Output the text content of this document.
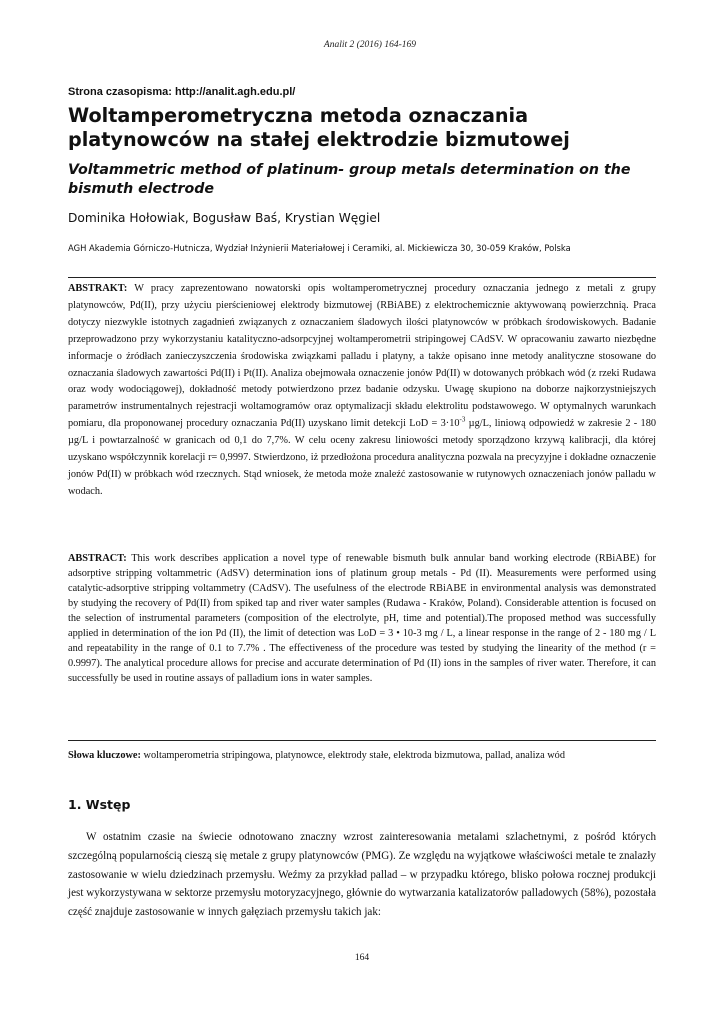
Analit 2 (2016) 164-169
Strona czasopisma: http://analit.agh.edu.pl/
Woltamperometryczna metoda oznaczania platynowców na stałej elektrodzie bizmutowej
Voltammetric method of platinum- group metals determination on the bismuth electrode
Dominika Hołowiak, Bogusław Baś, Krystian Węgiel
AGH Akademia Górniczo-Hutnicza, Wydział Inżynierii Materiałowej i Ceramiki, al. Mickiewicza 30, 30-059 Kraków, Polska
ABSTRAKT: W pracy zaprezentowano nowatorski opis woltamperometrycznej procedury oznaczania jednego z metali z grupy platynowców, Pd(II), przy użyciu pierścieniowej elektrody bizmutowej (RBiABE) z elektrochemicznie aktywowaną powierzchnią. Praca dotyczy niezwykle istotnych zagadnień związanych z oznaczaniem śladowych ilości platynowców w próbkach środowiskowych. Badanie przeprowadzono przy wykorzystaniu katalityczno-adsorpcyjnej woltamperometrii stripingowej CAdSV. W opracowaniu zawarto niezbędne informacje o źródłach zanieczyszczenia środowiska związkami palladu i platyny, a także opisano inne metody analityczne stosowane do oznaczania śladowych zawartości Pd(II) i Pt(II). Analiza obejmowała oznaczenie jonów Pd(II) w dotowanych próbkach wód (z rzeki Rudawa oraz wody wodociągowej), dokładność metody potwierdzono przez badanie odzysku. Uwagę skupiono na doborze najkorzystniejszych parametrów instrumentalnych rejestracji woltamogramów oraz optymalizacji składu elektrolitu podstawowego. W optymalnych warunkach pomiaru, dla proponowanej procedury oznaczania Pd(II) uzyskano limit detekcji LoD = $3\cdot 10^{-3}$ µg/L, liniową odpowiedź w zakresie 2 - 180 µg/L i powtarzalność w granicach od 0,1 do 7,7%. W celu oceny zakresu liniowości metody sporządzono krzywą kalibracji, dla której uzyskano współczynnik korelacji r= 0,9997. Stwierdzono, iż przedłożona procedura analityczna pozwala na precyzyjne i dokładne oznaczenie jonów Pd(II) w próbkach wód rzecznych. Stąd wniosek, że metoda może znaleźć zastosowanie w rutynowych oznaczeniach jonów palladu w wodach.
ABSTRACT: This work describes application a novel type of renewable bismuth bulk annular band working electrode (RBiABE) for adsorptive stripping voltammetric (AdSV) determination ions of platinum group metals - Pd (II). Measurements were performed using catalytic-adsorptive stripping voltammetry (CAdSV). The usefulness of the electrode RBiABE in environmental analysis was demonstrated by studying the recovery of Pd(II) from spiked tap and river water samples (Rudawa - Kraków, Poland). Considerable attention is focused on the selection of instrumental parameters (composition of the electrolyte, pH, time and potential).The proposed method was successfully applied in determination of the ion Pd (II), the limit of detection was LoD = 3 • 10-3 mg / L, a linear response in the range of 2 - 180 mg / L and repeatability in the range of 0.1 to 7.7% . The effectiveness of the procedure was tested by studying the linearity of the method (r = 0.9997). The analytical procedure allows for precise and accurate determination of Pd (II) ions in the samples of river water. Therefore, it can successfully be used in routine assays of palladium ions in water samples.
Słowa kluczowe: woltamperometria stripingowa, platynowce, elektrody stałe, elektroda bizmutowa, pallad, analiza wód
1. Wstęp
W ostatnim czasie na świecie odnotowano znaczny wzrost zainteresowania metalami szlachetnymi, z pośród których szczególną popularnością cieszą się metale z grupy platynowców (PMG). Ze względu na wyjątkowe właściwości metale te znalazły zastosowanie w wielu dziedzinach przemysłu. Weźmy za przykład pallad – w przypadku którego, blisko połowa rocznej produkcji jest wykorzystywana w sektorze przemysłu motoryzacyjnego, głównie do wytwarzania katalizatorów palladowych (58%), pozostała część znajduje zastosowanie w innych gałęziach przemysłu takich jak:
164
